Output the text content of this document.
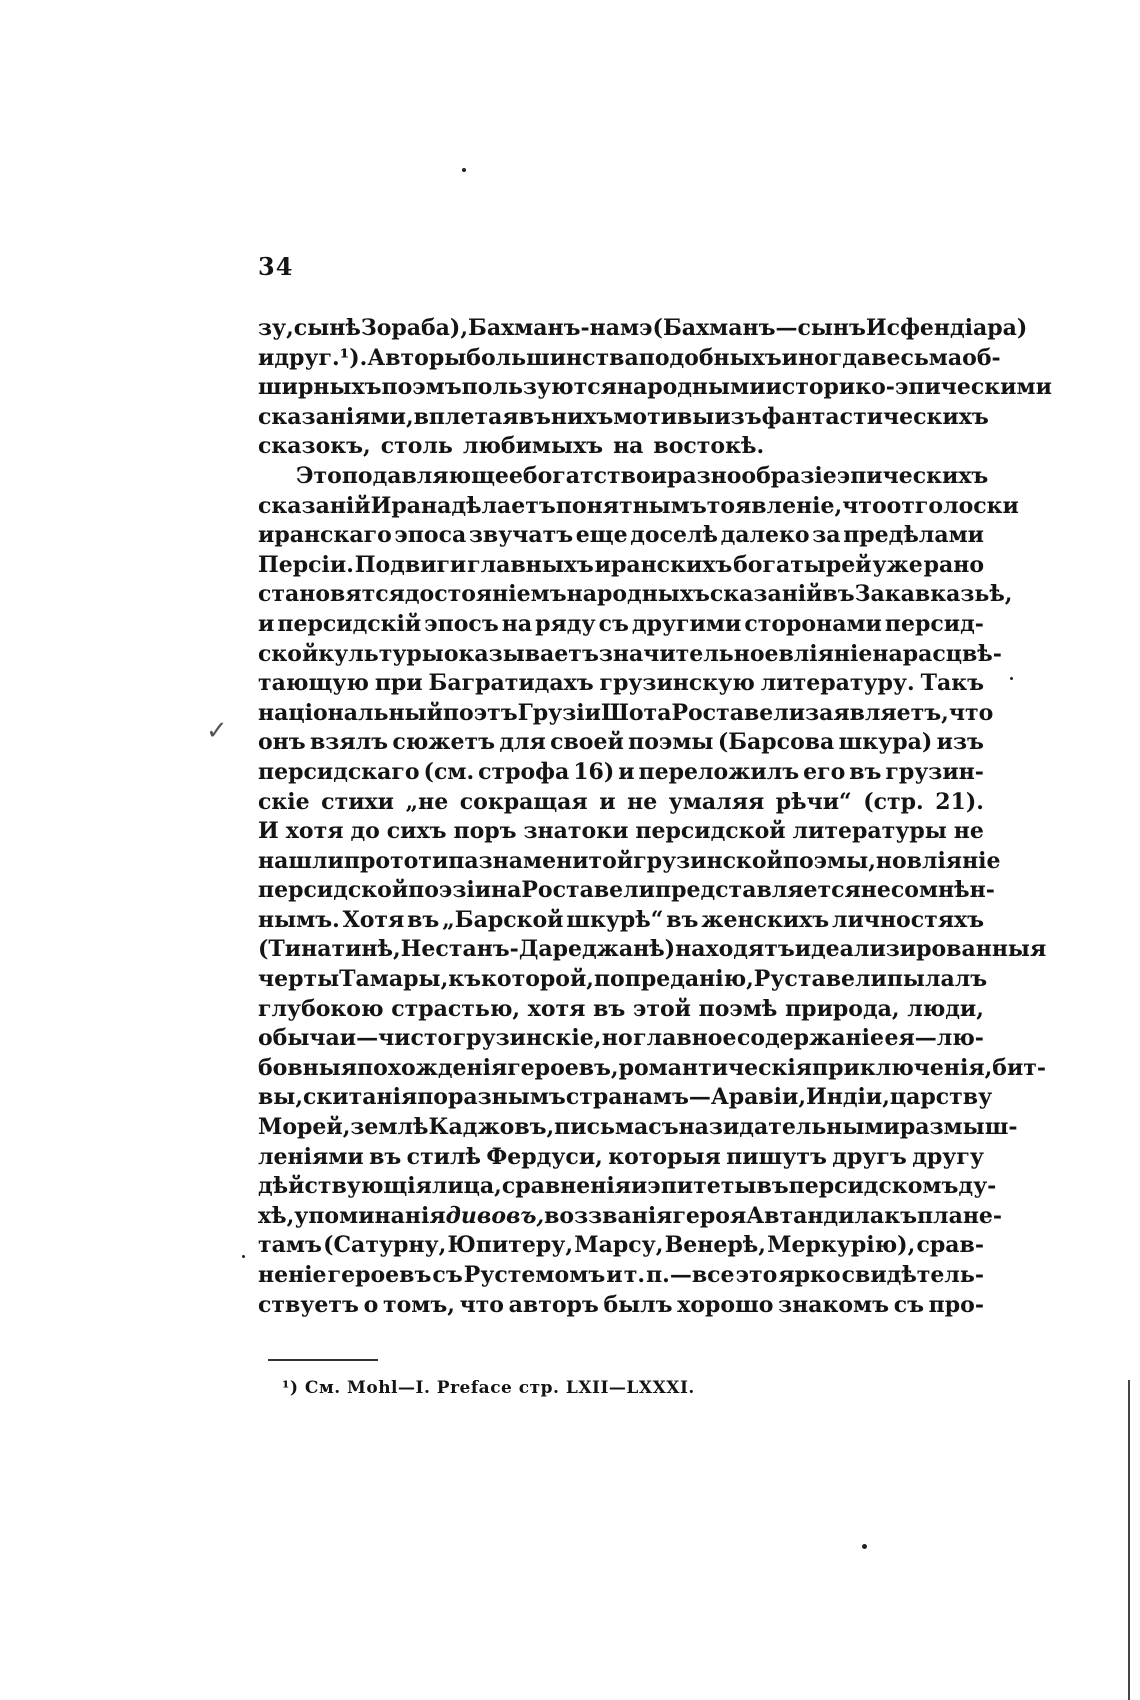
34
зу, сынѣ Зораба), Бахманъ-намэ (Бахманъ—сынъ Исфендіара)
и друг. ¹). Авторы большинства подобныхъ иногда весьма об-
ширныхъ поэмъ пользуются народными историко-эпическими
сказаніями, вплетая въ нихъ мотивы изъ фантастическихъ
сказокъ, столь любимыхъ на востокѣ.
Это подавляющее богатство и разнообразіе эпическихъ
сказаній Ирана дѣлаетъ понятнымъ то явленіе, что отголоски
иранскаго эпоса звучатъ еще доселѣ далеко за предѣлами
Персіи. Подвиги главныхъ иранскихъ богатырей уже рано
становятся достояніемъ народныхъ сказаній въ Закавказьѣ,
и персидскій эпосъ на ряду съ другими сторонами персид-
ской культуры оказываетъ значительное вліяніе на расцвѣ-
тающую при Багратидахъ грузинскую литературу. Такъ
національный поэтъ Грузіи Шота Роставели заявляетъ, что
онъ взялъ сюжетъ для своей поэмы (Барсова шкура) изъ
персидскаго (см. строфа 16) и переложилъ его въ грузин-
скіе стихи „не сокращая и не умаляя рѣчи“ (стр. 21).
И хотя до сихъ поръ знатоки персидской литературы не
нашли прототипа знаменитой грузинской поэмы, но вліяніе
персидской поэзіи на Роставели представляется несомнѣн-
нымъ. Хотя въ „Барской шкурѣ“ въ женскихъ личностяхъ
(Тинатинѣ, Нестанъ-Дареджанѣ) находятъ идеализированныя
черты Тамары, къ которой, по преданію, Руставели пылалъ
глубокою страстью, хотя въ этой поэмѣ природа, люди,
обычаи—чисто грузинскіе, но главное содержаніе ея—лю-
бовныя похожденія героевъ, романтическія приключенія, бит-
вы, скитанія по разнымъ странамъ—Аравіи, Индіи, царству
Морей, землѣ Каджовъ, письма съ назидательными размыш-
леніями въ стилѣ Фердуси, которыя пишутъ другъ другу
дѣйствующія лица, сравненія и эпитеты въ персидскомъ ду-
хѣ, упоминанія дивовъ, воззванія героя Автандила къ плане-
тамъ (Сатурну, Юпитеру, Марсу, Венерѣ, Меркурію), срав-
неніе героевъ съ Рустемомъ и т. п.—все это ярко свидѣтель-
ствуетъ о томъ, что авторъ былъ хорошо знакомъ съ про-
¹) См. Mohl—I. Preface стр. LXII—LXXXI.
✓
